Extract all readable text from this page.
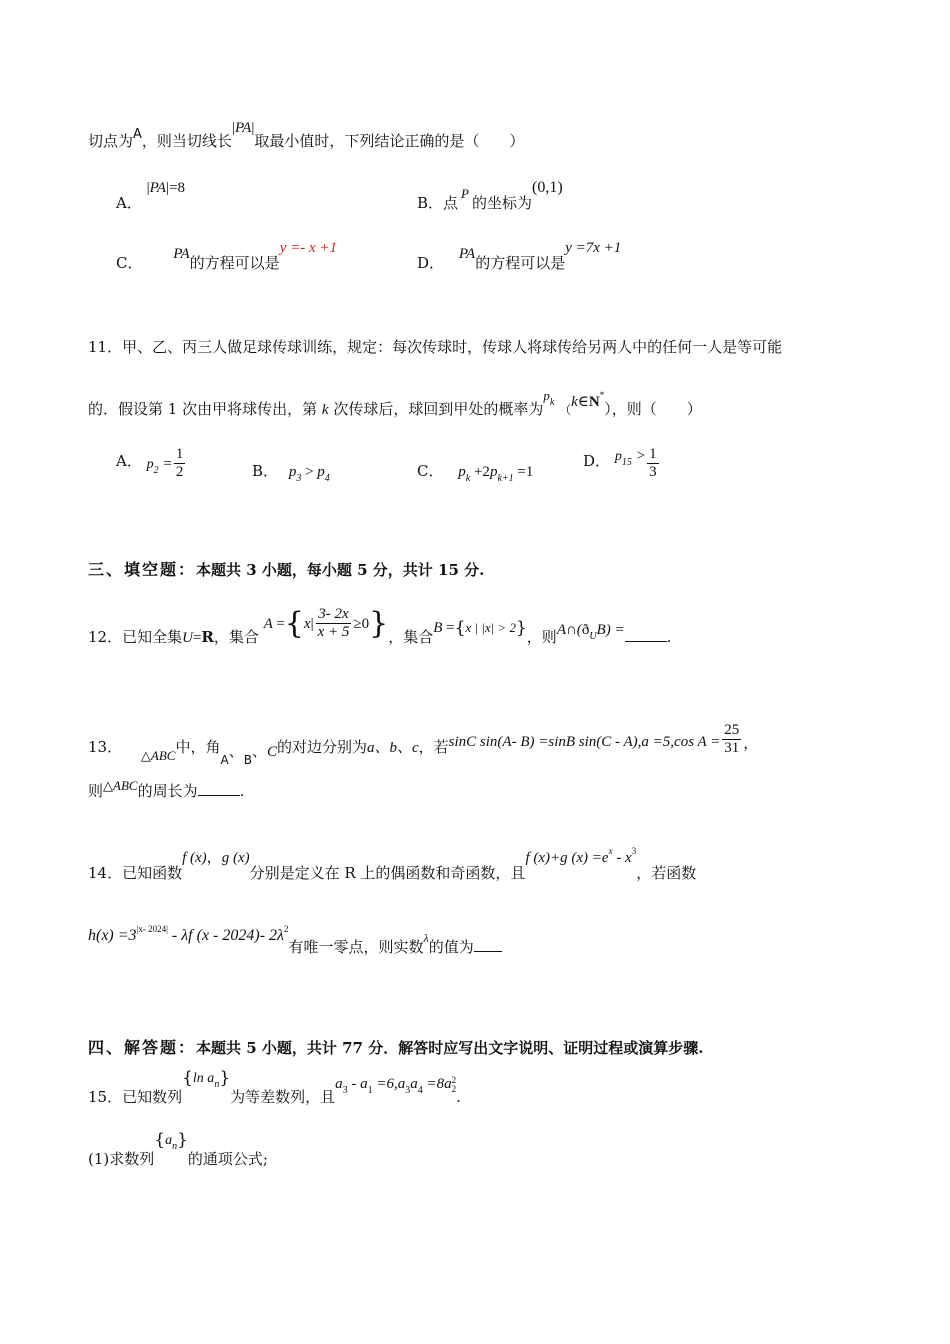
切点为A，则当切线长|PA|取最小值时，下列结论正确的是（　　）
A． |PA|=8
B．点P的坐标为(0,1)
C． PA的方程可以是y =- x +1
D． PA的方程可以是y =7x +1
11．甲、乙、丙三人做足球传球训练，规定：每次传球时，传球人将球传给另两人中的任何一人是等可能
的．假设第 1 次由甲将球传出，第 k 次传球后，球回到甲处的概率为$p_k$ $_($k∈N*），则（　　）
A． $p_2 = \frac{1}{2}$	B． $p_3 > p_4$	C． $p_k +2p_{k+1} =1$
D． $p_{15} > \frac{1}{3}$
三、填空题：本题共 3 小题，每小题 5 分，共计 15 分.
12．已知全集U=R，集合 $A =\{x| \frac{3- 2x}{x + 5} \ge 0\}$，集合B ={x | |x| > 2}，则$A\cap(ð_UB)$ =	.
13． △ABC中，角$_A$、$_B$、C的对边分别为a、b、c，若sinC sin(A- B) =sinB sin(C - A),a =5,cos $A = \frac{25}{31}$ ，
则△ABC的周长为	.
14．已知函数f (x)，g (x)分别是定义在 R 上的偶函数和奇函数，且f (x)+g $(x) =e^x - x^3$，若函数
$h(x) =3^{|x- 2024|} - \lambda f$ (x - 2024)- $2\lambda^2$有唯一零点，则实数λ的值为
四、解答题：本题共 5 小题，共计 77 分．解答时应写出文字说明、证明过程或演算步骤.
15．已知数列{ln $a_n$}为等差数列，且$a_3 - a_1 =6,a_3a_4 =8a$ 2
2 .
(1)求数列$\{a_n\}$的通项公式;
